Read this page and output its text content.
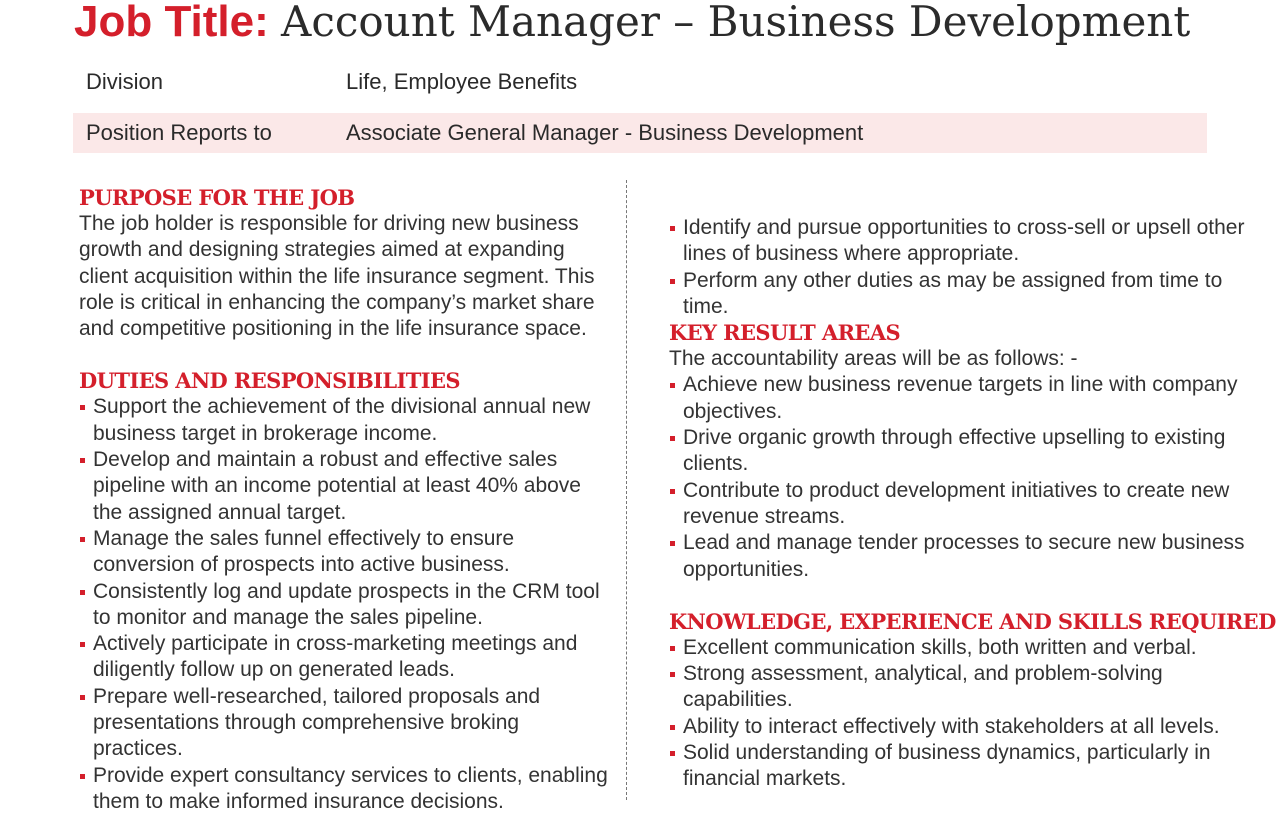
Job Title: Account Manager – Business Development
Division	Life, Employee Benefits
Position Reports to	Associate General Manager - Business Development
PURPOSE FOR THE JOB

The job holder is responsible for driving new business growth and designing strategies aimed at expanding client acquisition within the life insurance segment. This role is critical in enhancing the company’s market share and competitive positioning in the life insurance space.

DUTIES AND RESPONSIBILITIES
Support the achievement of the divisional annual new business target in brokerage income.
Develop and maintain a robust and effective sales pipeline with an income potential at least 40% above the assigned annual target.
Manage the sales funnel effectively to ensure conversion of prospects into active business.
Consistently log and update prospects in the CRM tool to monitor and manage the sales pipeline.
Actively participate in cross-marketing meetings and diligently follow up on generated leads.
Prepare well-researched, tailored proposals and presentations through comprehensive broking practices.
Provide expert consultancy services to clients, enabling them to make informed insurance decisions.
Identify and pursue opportunities to cross-sell or upsell other lines of business where appropriate.
Perform any other duties as may be assigned from time to time.
KEY RESULT AREAS

The accountability areas will be as follows: -

Achieve new business revenue targets in line with company objectives.
Drive organic growth through effective upselling to existing clients.
Contribute to product development initiatives to create new revenue streams.
Lead and manage tender processes to secure new business opportunities.
KNOWLEDGE, EXPERIENCE AND SKILLS REQUIRED
Excellent communication skills, both written and verbal.
Strong assessment, analytical, and problem-solving capabilities.
Ability to interact effectively with stakeholders at all levels.
Solid understanding of business dynamics, particularly in financial markets.
